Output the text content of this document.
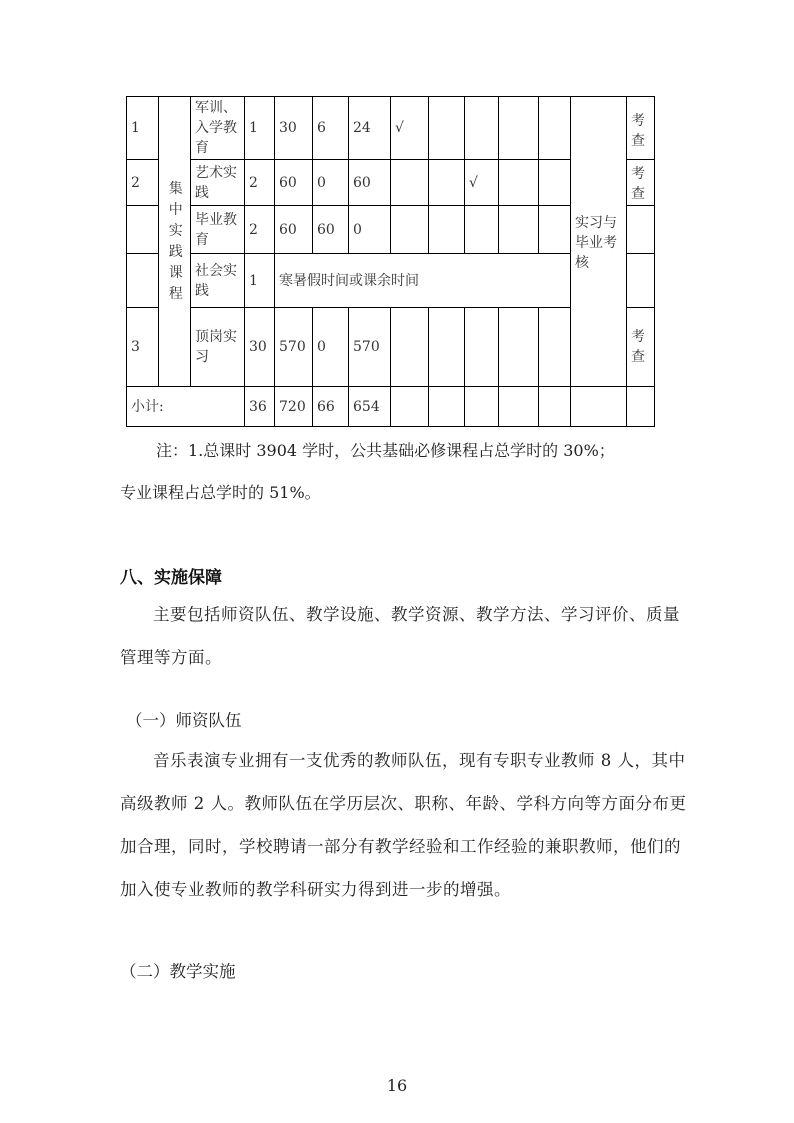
1	集中实践课程	军训、入学教育	1	30	6	24	√					实习与毕业考核	考查
2		艺术实践	2	60	0	60			√				考查
		毕业教育	2	60	60	0							
		社会实践	1	寒暑假时间或课余时间									
3		顶岗实习	30	570	0	570							考查
小计:			36	720	66	654							
注：1.总课时 3904 学时，公共基础必修课程占总学时的 30%；
专业课程占总学时的 51%。
八、实施保障
主要包括师资队伍、教学设施、教学资源、教学方法、学习评价、质量管理等方面。
（一）师资队伍
音乐表演专业拥有一支优秀的教师队伍，现有专职专业教师 8 人，其中高级教师 2 人。教师队伍在学历层次、职称、年龄、学科方向等方面分布更加合理，同时，学校聘请一部分有教学经验和工作经验的兼职教师，他们的加入使专业教师的教学科研实力得到进一步的增强。
（二）教学实施
16
